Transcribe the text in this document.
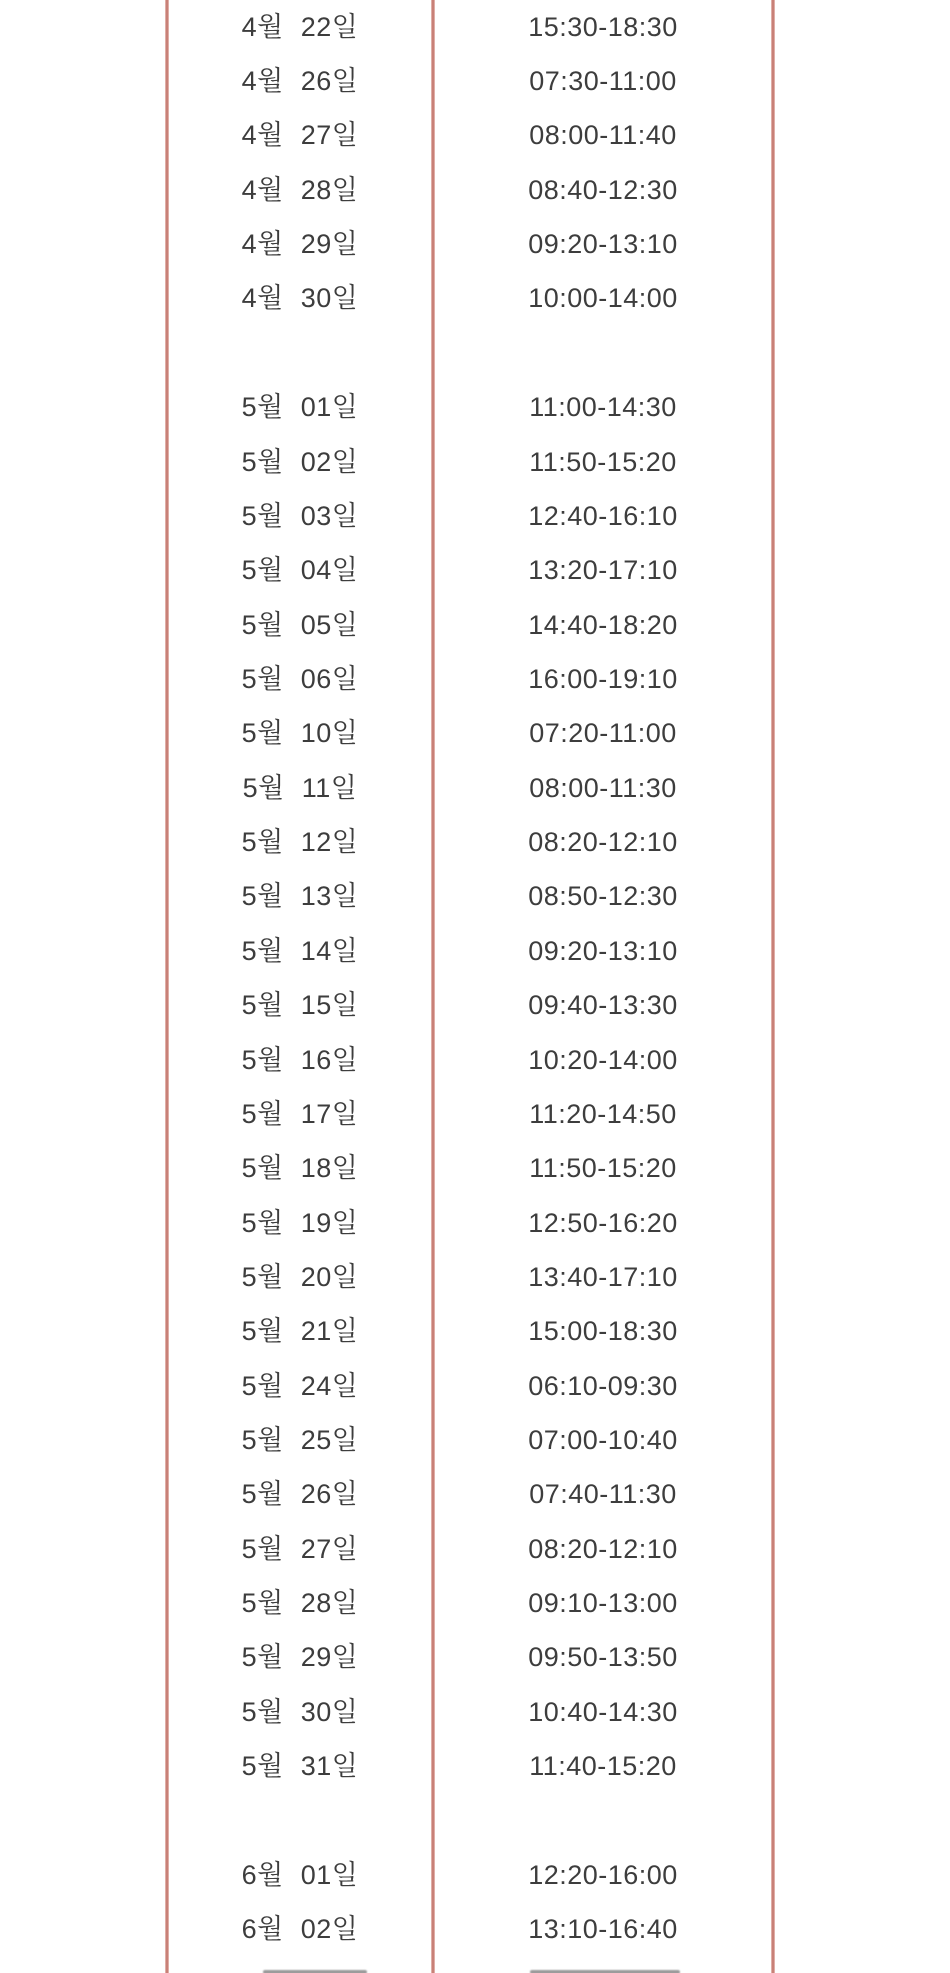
4월 22일	15:30-18:30
4월 26일	07:30-11:00
4월 27일	08:00-11:40
4월 28일	08:40-12:30
4월 29일	09:20-13:10
4월 30일	10:00-14:00
5월 01일	11:00-14:30
5월 02일	11:50-15:20
5월 03일	12:40-16:10
5월 04일	13:20-17:10
5월 05일	14:40-18:20
5월 06일	16:00-19:10
5월 10일	07:20-11:00
5월 11일	08:00-11:30
5월 12일	08:20-12:10
5월 13일	08:50-12:30
5월 14일	09:20-13:10
5월 15일	09:40-13:30
5월 16일	10:20-14:00
5월 17일	11:20-14:50
5월 18일	11:50-15:20
5월 19일	12:50-16:20
5월 20일	13:40-17:10
5월 21일	15:00-18:30
5월 24일	06:10-09:30
5월 25일	07:00-10:40
5월 26일	07:40-11:30
5월 27일	08:20-12:10
5월 28일	09:10-13:00
5월 29일	09:50-13:50
5월 30일	10:40-14:30
5월 31일	11:40-15:20
6월 01일	12:20-16:00
6월 02일	13:10-16:40
